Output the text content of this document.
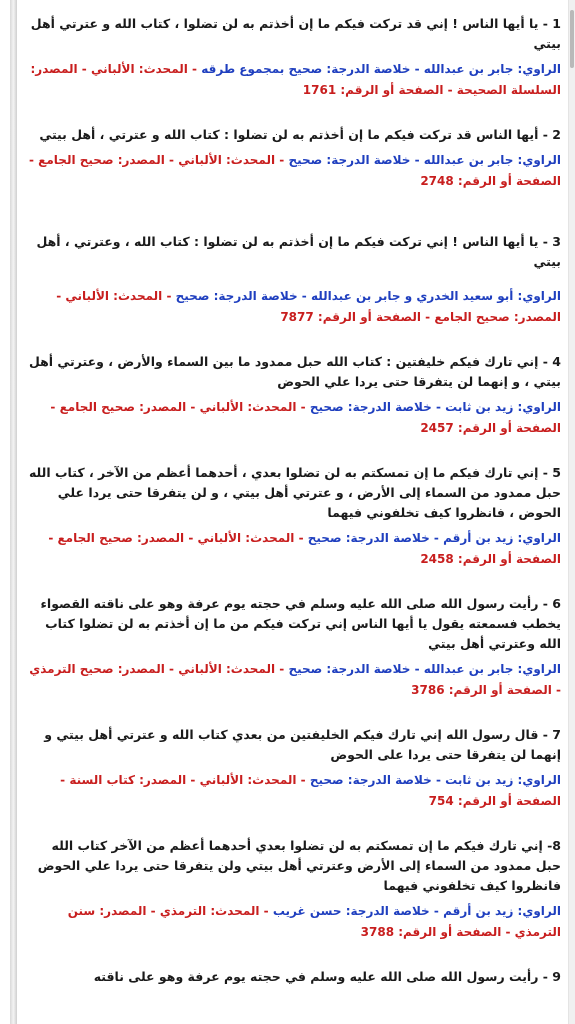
1 - يا أيها الناس ! إني قد تركت فيكم ما إن أخذتم به لن تضلوا ، كتاب الله و عترتي أهل بيتي

الراوي: جابر بن عبدالله - خلاصة الدرجة: صحيح بمجموع طرقه - المحدث: الألباني - المصدر: السلسلة الصحيحة - الصفحة أو الرقم: 1761

2 - أيها الناس قد تركت فيكم ما إن أخذتم به لن تضلوا : كتاب الله و عترتي ، أهل بيتي

الراوي: جابر بن عبدالله - خلاصة الدرجة: صحيح - المحدث: الألباني - المصدر: صحيح الجامع - الصفحة أو الرقم: 2748

3 - يا أيها الناس ! إني تركت فيكم ما إن أخذتم به لن تضلوا : كتاب الله ، وعترتي ، أهل بيتي

الراوي: أبو سعيد الخدري و جابر بن عبدالله - خلاصة الدرجة: صحيح - المحدث: الألباني - المصدر: صحيح الجامع - الصفحة أو الرقم: 7877

4 - إني تارك فيكم خليفتين : كتاب الله حبل ممدود ما بين السماء والأرض ، وعترتي أهل بيتي ، و إنهما لن يتفرقا حتى يردا علي الحوض

الراوي: زيد بن ثابت - خلاصة الدرجة: صحيح - المحدث: الألباني - المصدر: صحيح الجامع - الصفحة أو الرقم: 2457

5 - إني تارك فيكم ما إن تمسكتم به لن تضلوا بعدي ، أحدهما أعظم من الآخر ، كتاب الله حبل ممدود من السماء إلى الأرض ، و عترتي أهل بيتي ، و لن يتفرقا حتى يردا علي الحوض ، فانظروا كيف تخلفوني فيهما

الراوي: زيد بن أرقم - خلاصة الدرجة: صحيح - المحدث: الألباني - المصدر: صحيح الجامع - الصفحة أو الرقم: 2458

6 - رأيت رسول الله صلى الله عليه وسلم في حجته يوم عرفة وهو على ناقته القصواء يخطب فسمعته يقول يا أيها الناس إني تركت فيكم من ما إن أخذتم به لن تضلوا كتاب الله وعترتي أهل بيتي

الراوي: جابر بن عبدالله - خلاصة الدرجة: صحيح - المحدث: الألباني - المصدر: صحيح الترمذي - الصفحة أو الرقم: 3786

7 - قال رسول الله إني تارك فيكم الخليفتين من بعدي كتاب الله و عترتي أهل بيتي و إنهما لن يتفرقا حتى يردا على الحوض

الراوي: زيد بن ثابت - خلاصة الدرجة: صحيح - المحدث: الألباني - المصدر: كتاب السنة - الصفحة أو الرقم: 754

8- إني تارك فيكم ما إن تمسكتم به لن تضلوا بعدي أحدهما أعظم من الآخر كتاب الله حبل ممدود من السماء إلى الأرض وعترتي أهل بيتي ولن يتفرقا حتى يردا علي الحوض فانظروا كيف تخلفوني فيهما

الراوي: زيد بن أرقم - خلاصة الدرجة: حسن غريب - المحدث: الترمذي - المصدر: سنن الترمذي - الصفحة أو الرقم: 3788

9 - رأيت رسول الله صلى الله عليه وسلم في حجته يوم عرفة وهو على ناقته
